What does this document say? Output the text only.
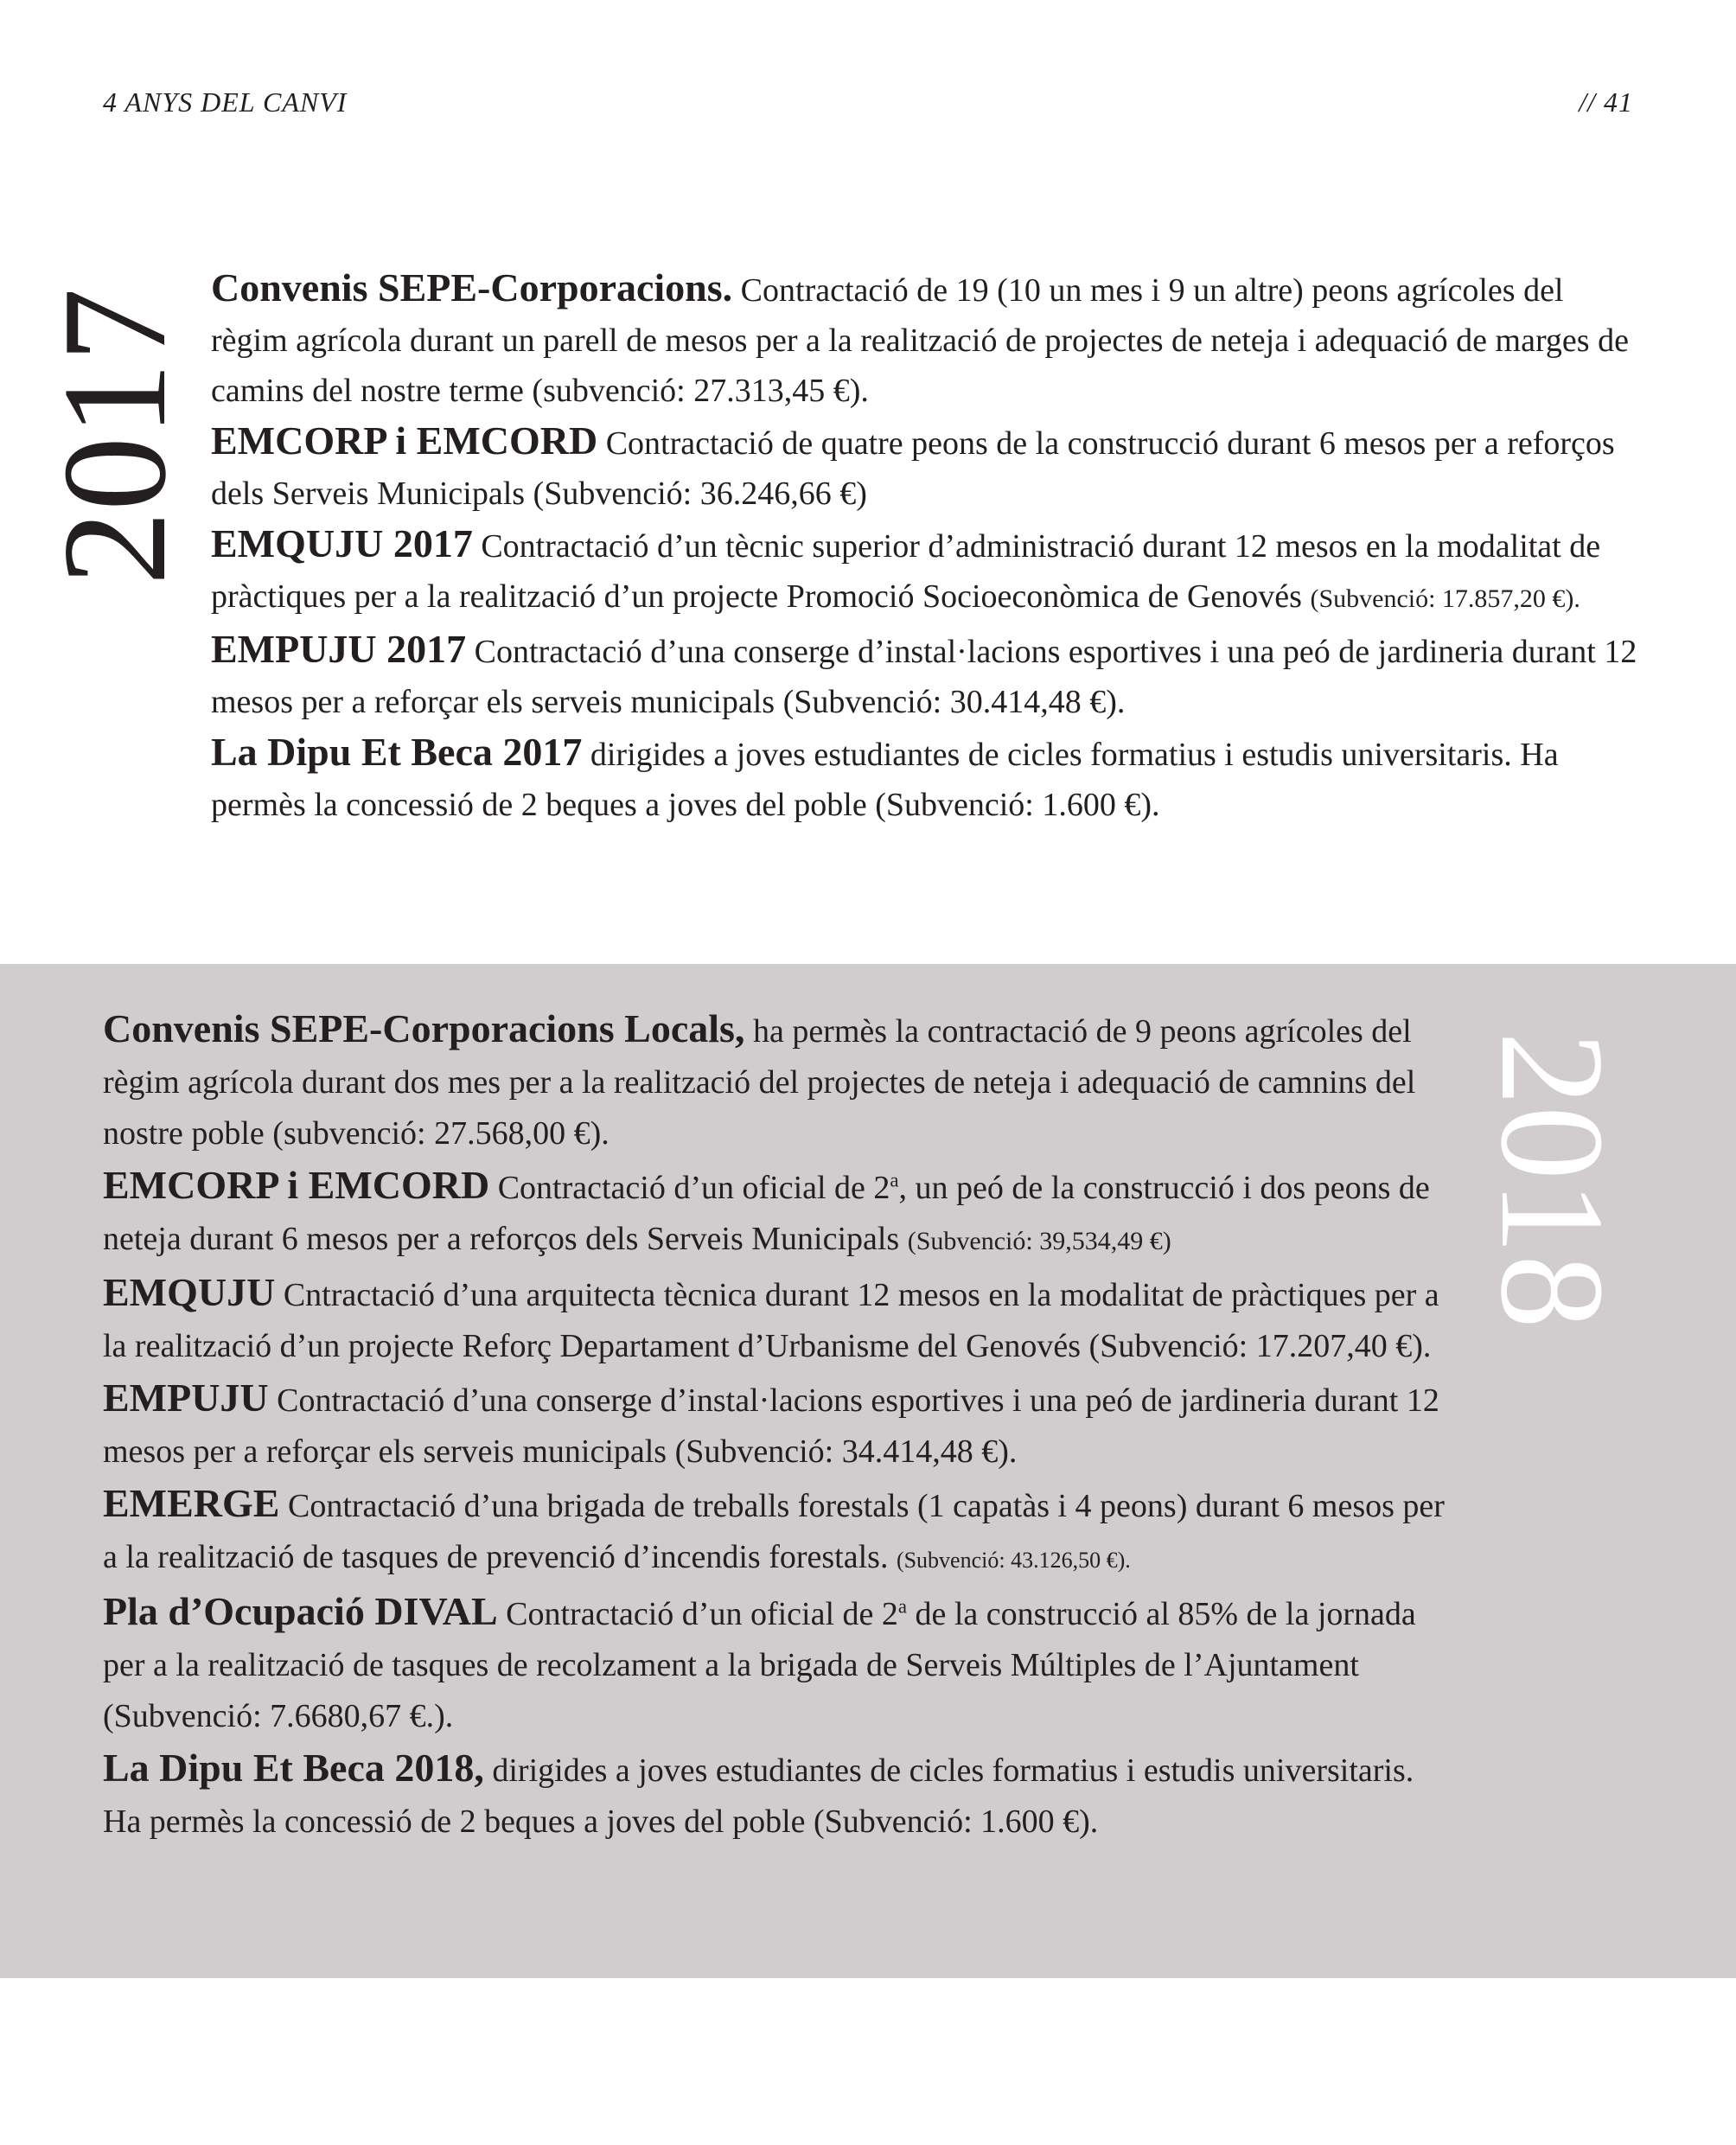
4 ANYS DEL CANVI	// 41
2017

Convenis SEPE-Corporacions. Contractació de 19 (10 un mes i 9 un altre) peons agrícoles del règim agrícola durant un parell de mesos per a la realització de projectes de neteja i adequació de marges de camins del nostre terme (subvenció: 27.313,45 €).

EMCORP i EMCORD Contractació de quatre peons de la construcció durant 6 mesos per a reforços dels Serveis Municipals (Subvenció: 36.246,66 €)

EMQUJU 2017 Contractació d’un tècnic superior d’administració durant 12 mesos en la modalitat de pràctiques per a la realització d’un projecte Promoció Socioeconòmica de Genovés (Subvenció: 17.857,20 €).

EMPUJU 2017 Contractació d’una conserge d’instal·lacions esportives i una peó de jardineria durant 12 mesos per a reforçar els serveis municipals (Subvenció: 30.414,48 €).

La Dipu Et Beca 2017 dirigides a joves estudiantes de cicles formatius i estudis universitaris. Ha permès la concessió de 2 beques a joves del poble (Subvenció: 1.600 €).

2018

Convenis SEPE-Corporacions Locals, ha permès la contractació de 9 peons agrícoles del règim agrícola durant dos mes per a la realització del projectes de neteja i adequació de camnins del nostre poble (subvenció: 27.568,00 €).

EMCORP i EMCORD Contractació d’un oficial de 2$^a$, un peó de la construcció i dos peons de neteja durant 6 mesos per a reforços dels Serveis Municipals (Subvenció: 39,534,49 €)

EMQUJU Cntractació d’una arquitecta tècnica durant 12 mesos en la modalitat de pràctiques per a la realització d’un projecte Reforç Departament d’Urbanisme del Genovés (Subvenció: 17.207,40 €).

EMPUJU Contractació d’una conserge d’instal·lacions esportives i una peó de jardineria durant 12 mesos per a reforçar els serveis municipals (Subvenció: 34.414,48 €).

EMERGE Contractació d’una brigada de treballs forestals (1 capatàs i 4 peons) durant 6 mesos per a la realització de tasques de prevenció d’incendis forestals. (Subvenció: 43.126,50 €).

Pla d’Ocupació DIVAL Contractació d’un oficial de 2$^a$ de la construcció al 85% de la jornada per a la realització de tasques de recolzament a la brigada de Serveis Múltiples de l’Ajuntament (Subvenció: 7.6680,67 €.).

La Dipu Et Beca 2018, dirigides a joves estudiantes de cicles formatius i estudis universitaris. Ha permès la concessió de 2 beques a joves del poble (Subvenció: 1.600 €).
